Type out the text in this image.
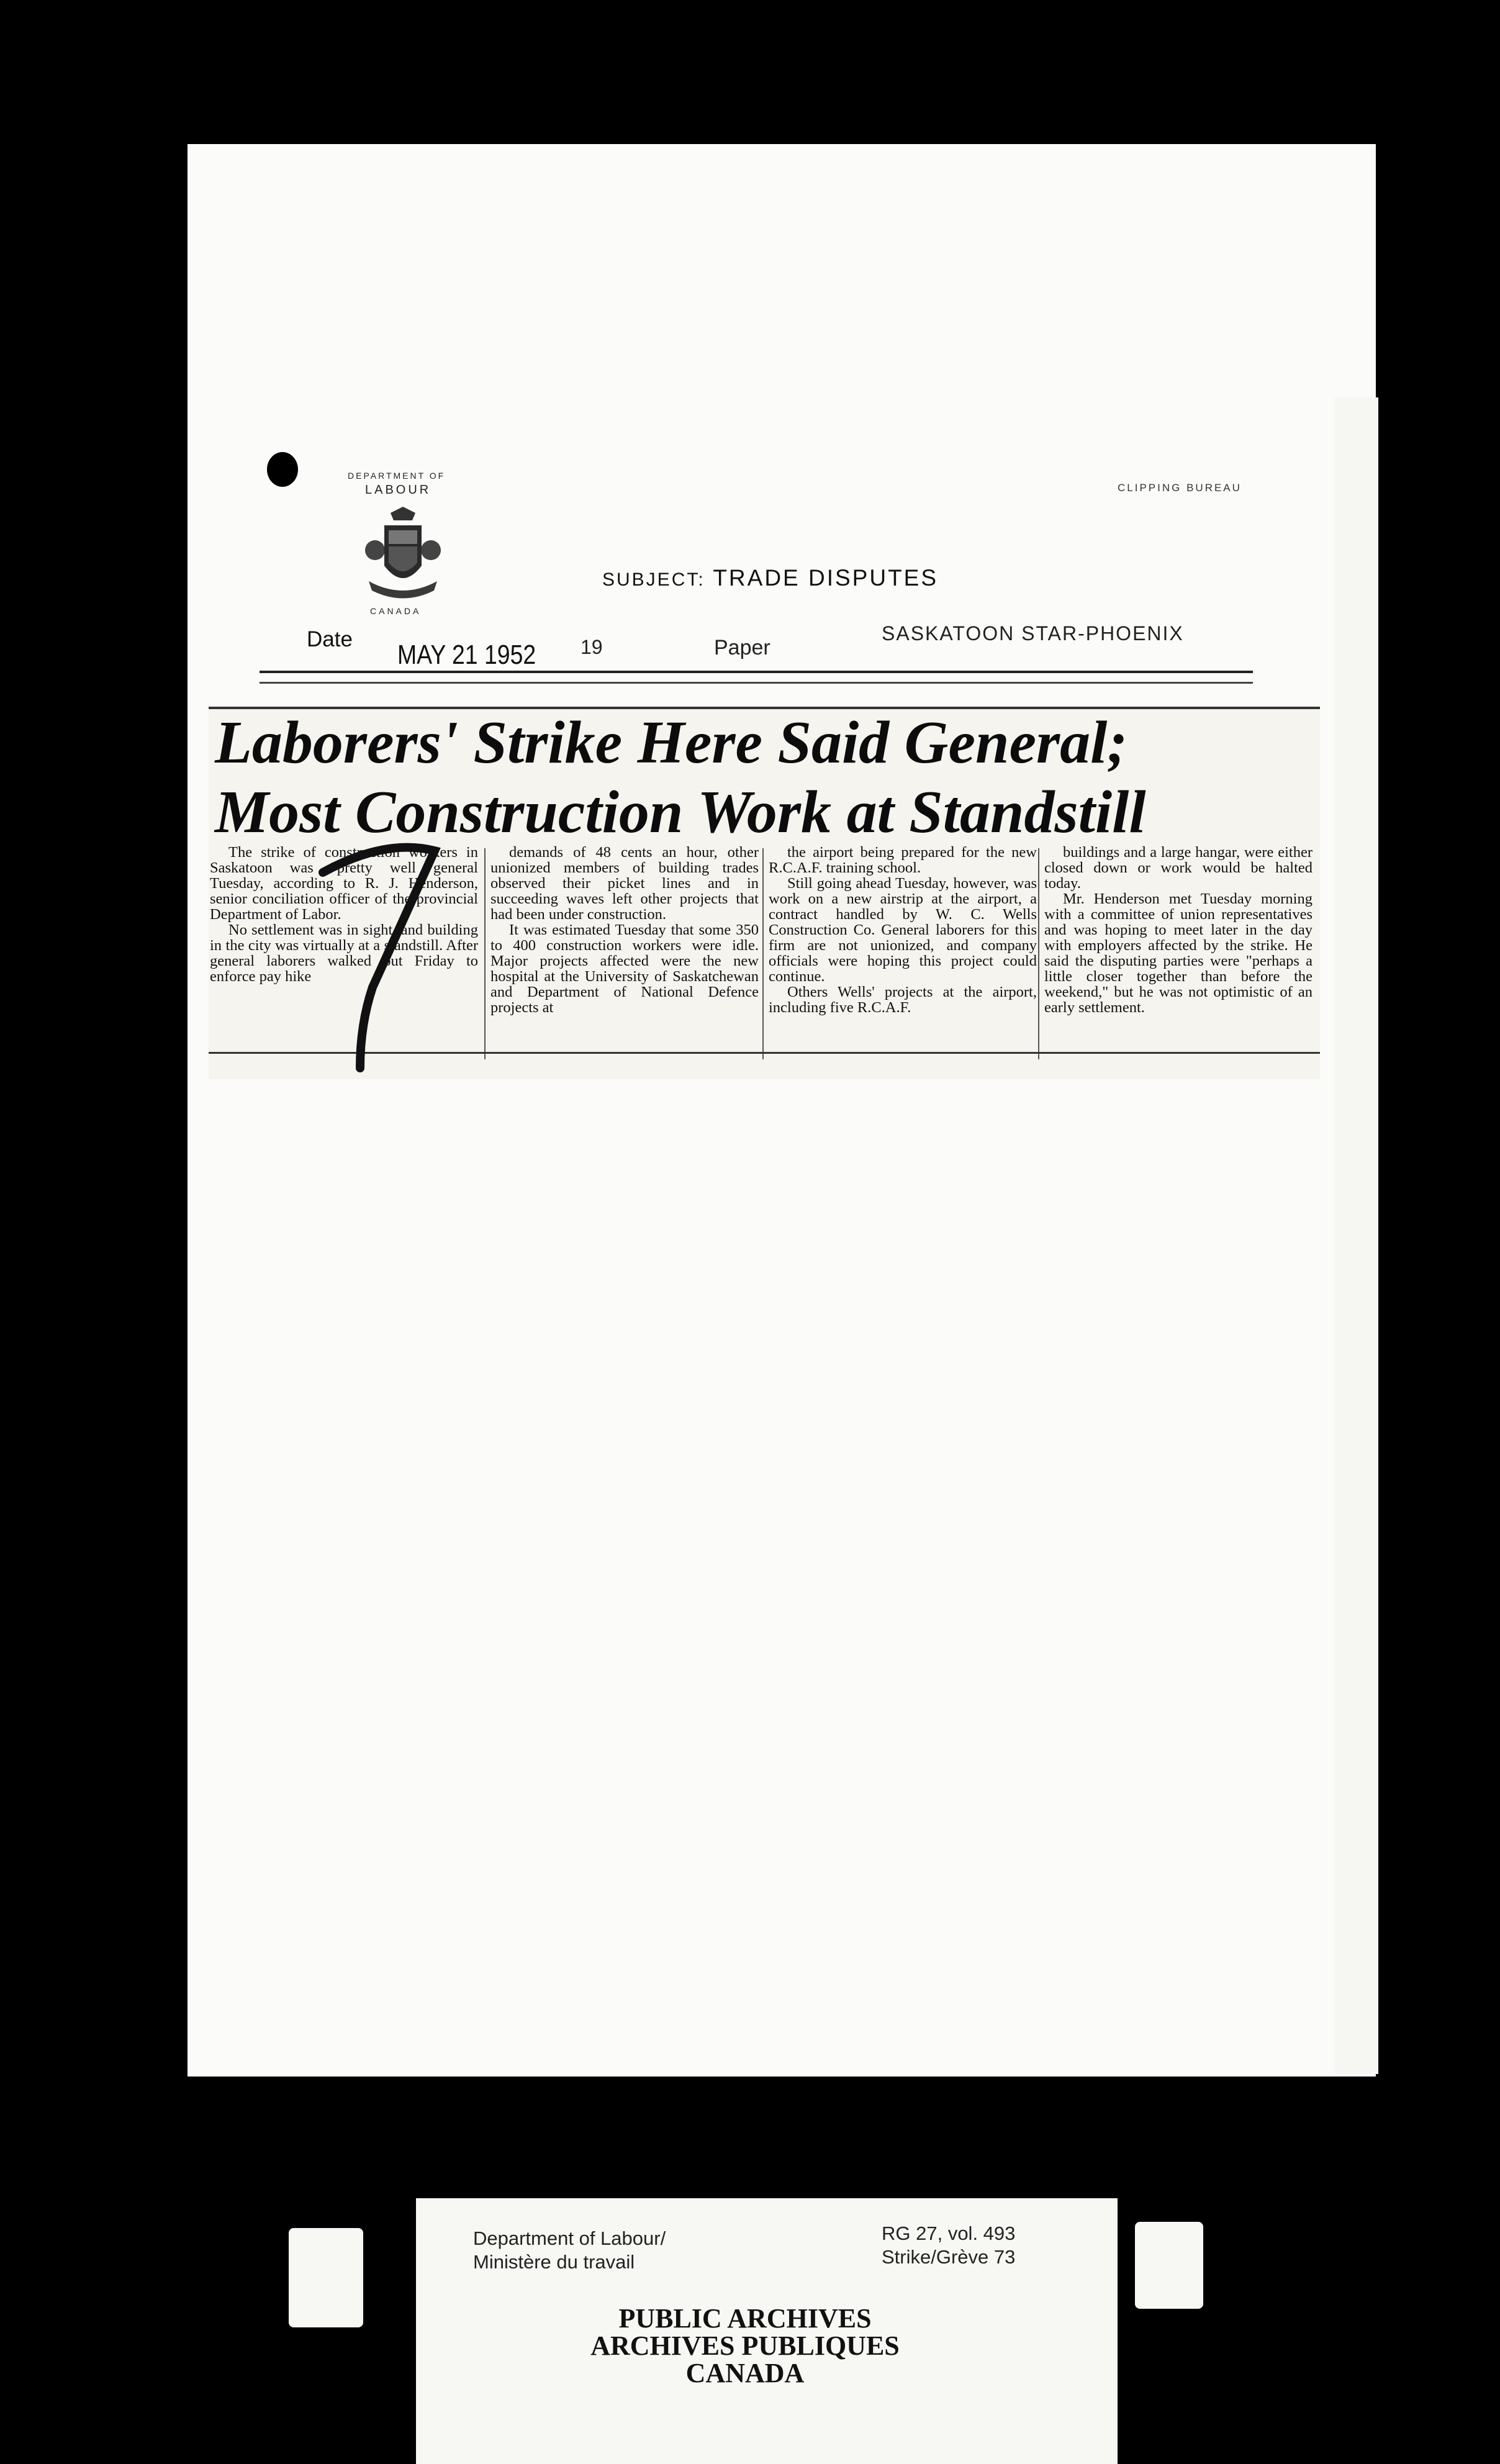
DEPARTMENT OF
LABOUR
CANADA
CLIPPING BUREAU
SUBJECT: TRADE DISPUTES
Date
MAY 21 1952 19	Paper
SASKATOON STAR-PHOENIX
Laborers' Strike Here Said General;
Most Construction Work at Standstill

The strike of construction workers in Saskatoon was "pretty well general Tuesday, according to R. J. Henderson, senior conciliation officer of the provincial Department of Labor.

No settlement was in sight, and building in the city was virtually at a standstill. After general laborers walked out Friday to enforce pay hike

demands of 48 cents an hour, other unionized members of building trades observed their picket lines and in succeeding waves left other projects that had been under construction.

It was estimated Tuesday that some 350 to 400 construction workers were idle. Major projects affected were the new hospital at the University of Saskatchewan and Department of National Defence projects at

the airport being prepared for the new R.C.A.F. training school.

Still going ahead Tuesday, however, was work on a new airstrip at the airport, a contract handled by W. C. Wells Construction Co. General laborers for this firm are not unionized, and company officials were hoping this project could continue.

Others Wells' projects at the airport, including five R.C.A.F.

buildings and a large hangar, were either closed down or work would be halted today.

Mr. Henderson met Tuesday morning with a committee of union representatives and was hoping to meet later in the day with employers affected by the strike. He said the disputing parties were "perhaps a little closer together than before the weekend," but he was not optimistic of an early settlement.

Department of Labour/
Ministère du travail
RG 27, vol. 493
Strike/Grève 73
PUBLIC ARCHIVES
ARCHIVES PUBLIQUES
CANADA
